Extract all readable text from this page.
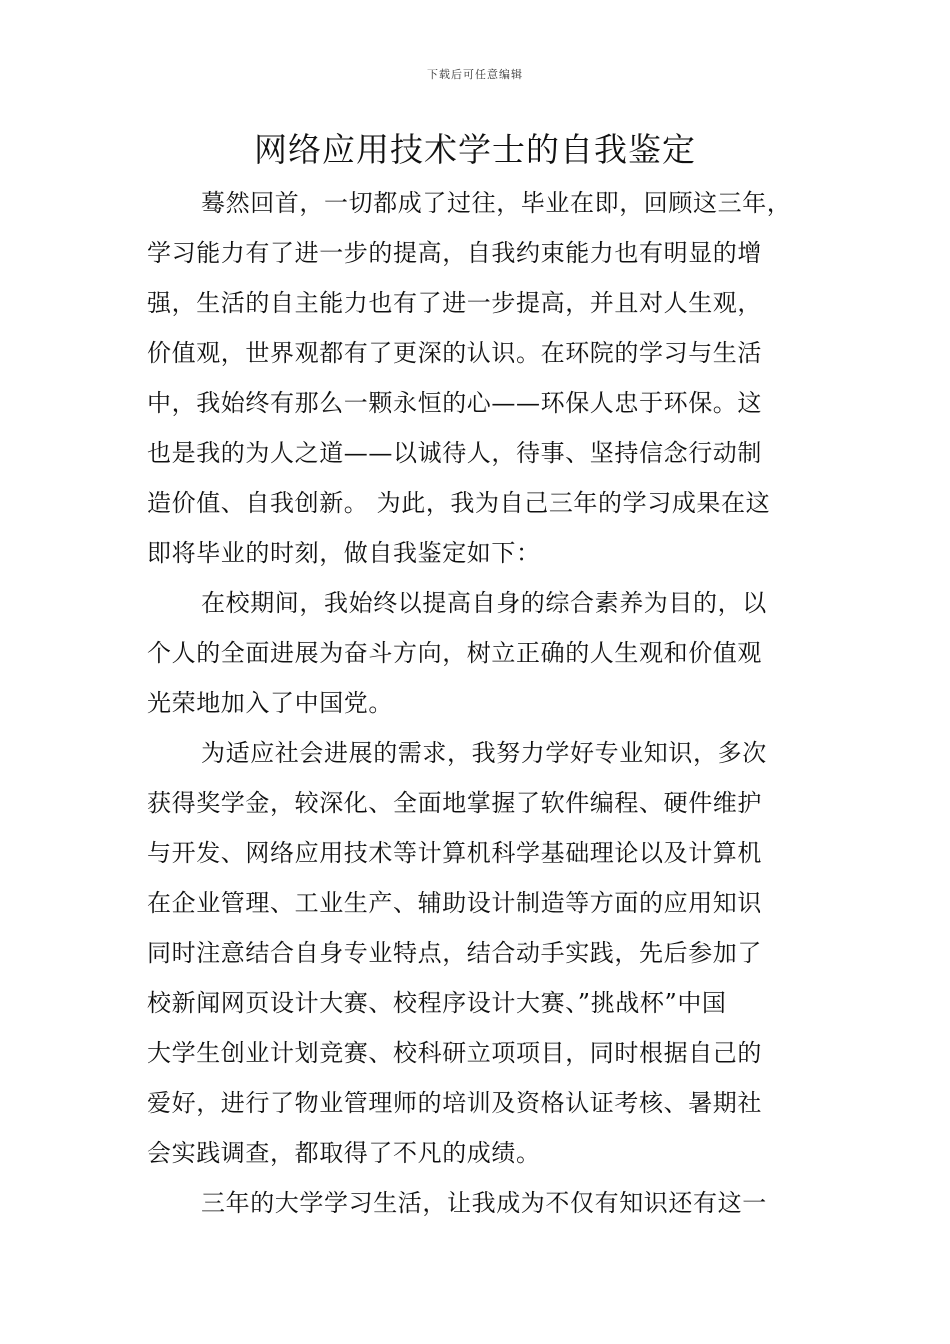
下载后可任意编辑
网络应用技术学士的自我鉴定
蓦然回首，一切都成了过往，毕业在即，回顾这三年，
学习能力有了进一步的提高，自我约束能力也有明显的增
强，生活的自主能力也有了进一步提高，并且对人生观，
价值观，世界观都有了更深的认识。在环院的学习与生活
中，我始终有那么一颗永恒的心——环保人忠于环保。这
也是我的为人之道——以诚待人，待事、坚持信念行动制
造价值、自我创新。 为此，我为自己三年的学习成果在这
即将毕业的时刻，做自我鉴定如下：
在校期间，我始终以提高自身的综合素养为目的，以
个人的全面进展为奋斗方向，树立正确的人生观和价值观
光荣地加入了中国党。
为适应社会进展的需求，我努力学好专业知识，多次
获得奖学金，较深化、全面地掌握了软件编程、硬件维护
与开发、网络应用技术等计算机科学基础理论以及计算机
在企业管理、工业生产、辅助设计制造等方面的应用知识
同时注意结合自身专业特点，结合动手实践，先后参加了
校新闻网页设计大赛、校程序设计大赛、”挑战杯”中国
大学生创业计划竞赛、校科研立项项目，同时根据自己的
爱好，进行了物业管理师的培训及资格认证考核、暑期社
会实践调查，都取得了不凡的成绩。
三年的大学学习生活，让我成为不仅有知识还有这一
